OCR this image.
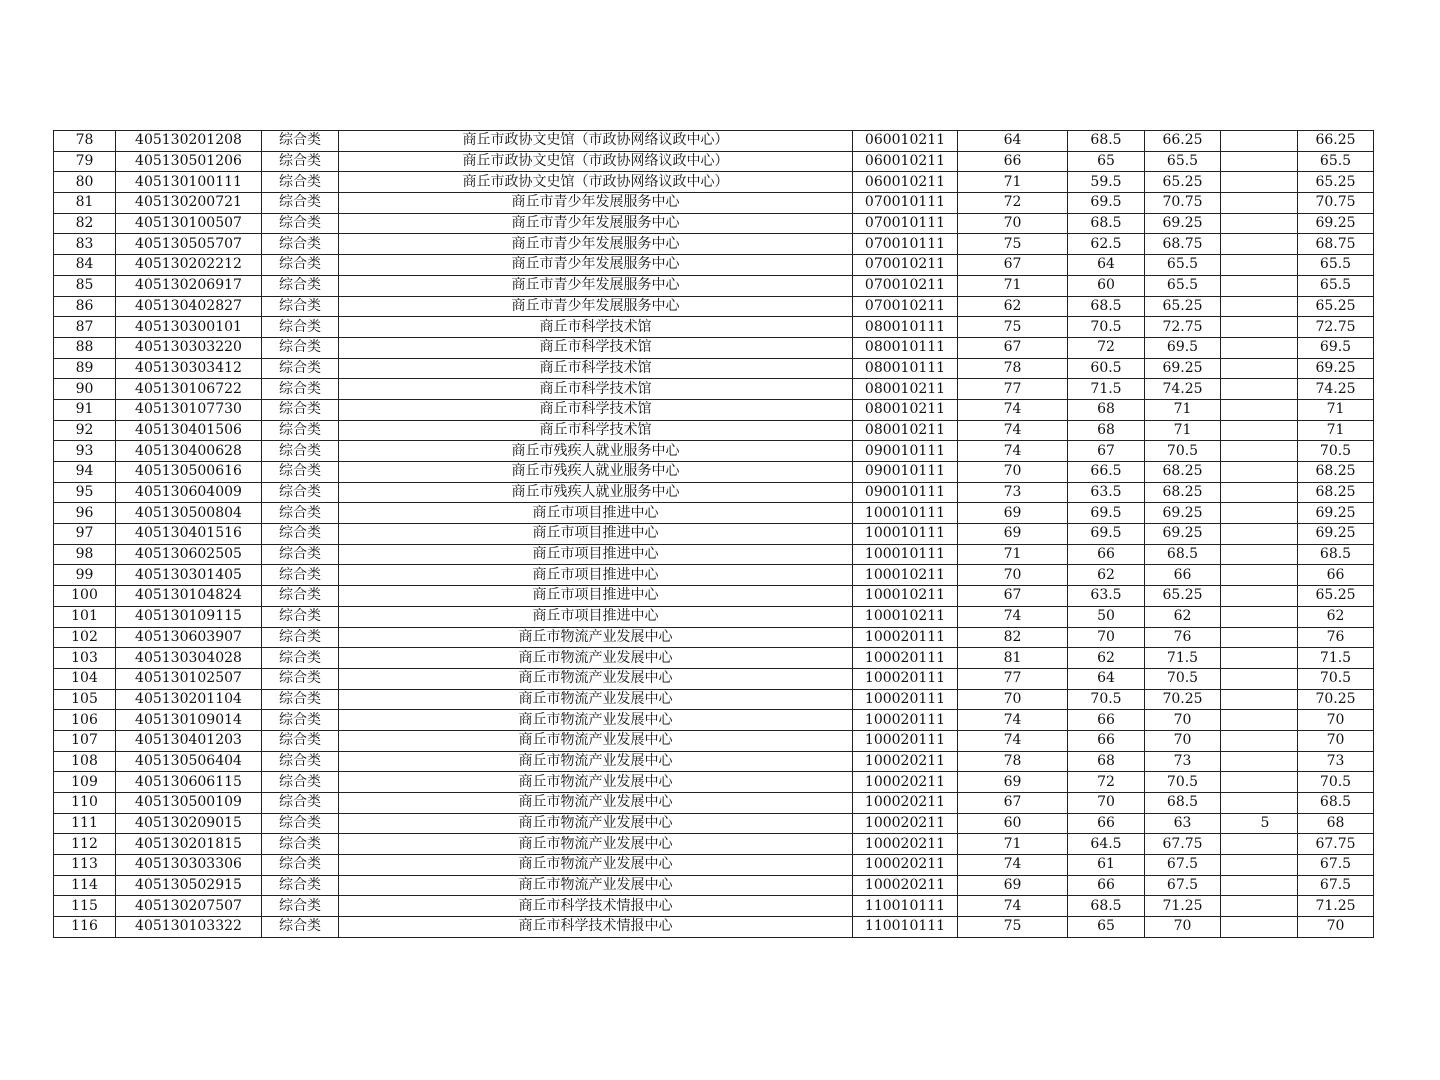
78	405130201208	综合类	商丘市政协文史馆（市政协网络议政中心）	060010211	64	68.5	66.25		66.25
79	405130501206	综合类	商丘市政协文史馆（市政协网络议政中心）	060010211	66	65	65.5		65.5
80	405130100111	综合类	商丘市政协文史馆（市政协网络议政中心）	060010211	71	59.5	65.25		65.25
81	405130200721	综合类	商丘市青少年发展服务中心	070010111	72	69.5	70.75		70.75
82	405130100507	综合类	商丘市青少年发展服务中心	070010111	70	68.5	69.25		69.25
83	405130505707	综合类	商丘市青少年发展服务中心	070010111	75	62.5	68.75		68.75
84	405130202212	综合类	商丘市青少年发展服务中心	070010211	67	64	65.5		65.5
85	405130206917	综合类	商丘市青少年发展服务中心	070010211	71	60	65.5		65.5
86	405130402827	综合类	商丘市青少年发展服务中心	070010211	62	68.5	65.25		65.25
87	405130300101	综合类	商丘市科学技术馆	080010111	75	70.5	72.75		72.75
88	405130303220	综合类	商丘市科学技术馆	080010111	67	72	69.5		69.5
89	405130303412	综合类	商丘市科学技术馆	080010111	78	60.5	69.25		69.25
90	405130106722	综合类	商丘市科学技术馆	080010211	77	71.5	74.25		74.25
91	405130107730	综合类	商丘市科学技术馆	080010211	74	68	71		71
92	405130401506	综合类	商丘市科学技术馆	080010211	74	68	71		71
93	405130400628	综合类	商丘市残疾人就业服务中心	090010111	74	67	70.5		70.5
94	405130500616	综合类	商丘市残疾人就业服务中心	090010111	70	66.5	68.25		68.25
95	405130604009	综合类	商丘市残疾人就业服务中心	090010111	73	63.5	68.25		68.25
96	405130500804	综合类	商丘市项目推进中心	100010111	69	69.5	69.25		69.25
97	405130401516	综合类	商丘市项目推进中心	100010111	69	69.5	69.25		69.25
98	405130602505	综合类	商丘市项目推进中心	100010111	71	66	68.5		68.5
99	405130301405	综合类	商丘市项目推进中心	100010211	70	62	66		66
100	405130104824	综合类	商丘市项目推进中心	100010211	67	63.5	65.25		65.25
101	405130109115	综合类	商丘市项目推进中心	100010211	74	50	62		62
102	405130603907	综合类	商丘市物流产业发展中心	100020111	82	70	76		76
103	405130304028	综合类	商丘市物流产业发展中心	100020111	81	62	71.5		71.5
104	405130102507	综合类	商丘市物流产业发展中心	100020111	77	64	70.5		70.5
105	405130201104	综合类	商丘市物流产业发展中心	100020111	70	70.5	70.25		70.25
106	405130109014	综合类	商丘市物流产业发展中心	100020111	74	66	70		70
107	405130401203	综合类	商丘市物流产业发展中心	100020111	74	66	70		70
108	405130506404	综合类	商丘市物流产业发展中心	100020211	78	68	73		73
109	405130606115	综合类	商丘市物流产业发展中心	100020211	69	72	70.5		70.5
110	405130500109	综合类	商丘市物流产业发展中心	100020211	67	70	68.5		68.5
111	405130209015	综合类	商丘市物流产业发展中心	100020211	60	66	63	5	68
112	405130201815	综合类	商丘市物流产业发展中心	100020211	71	64.5	67.75		67.75
113	405130303306	综合类	商丘市物流产业发展中心	100020211	74	61	67.5		67.5
114	405130502915	综合类	商丘市物流产业发展中心	100020211	69	66	67.5		67.5
115	405130207507	综合类	商丘市科学技术情报中心	110010111	74	68.5	71.25		71.25
116	405130103322	综合类	商丘市科学技术情报中心	110010111	75	65	70		70
